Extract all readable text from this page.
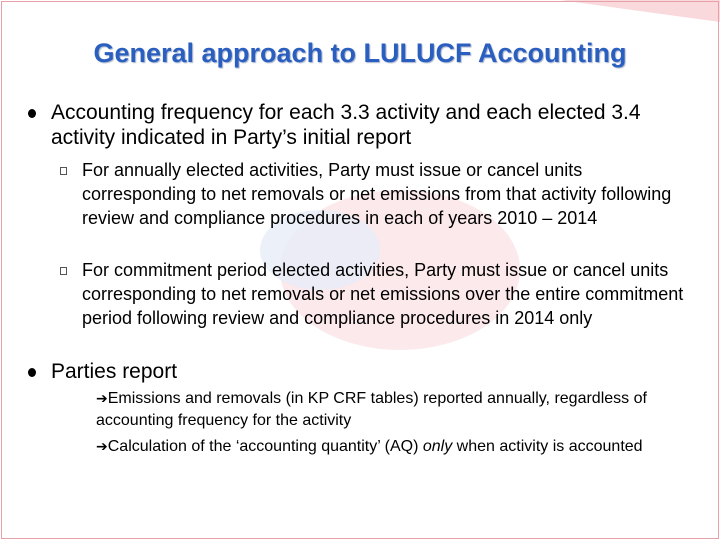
General approach to LULUCF Accounting
Accounting frequency for each 3.3 activity and each elected 3.4 activity indicated in Party’s initial report
For annually elected activities, Party must issue or cancel units corresponding to net removals or net emissions from that activity following review and compliance procedures in each of years 2010 – 2014
For commitment period elected activities, Party must issue or cancel units corresponding to net removals or net emissions over the entire commitment period following review and compliance procedures in 2014 only
Parties report
➔Emissions and removals (in KP CRF tables) reported annually, regardless of accounting frequency for the activity
➔Calculation of the ‘accounting quantity’ (AQ) only when activity is accounted
